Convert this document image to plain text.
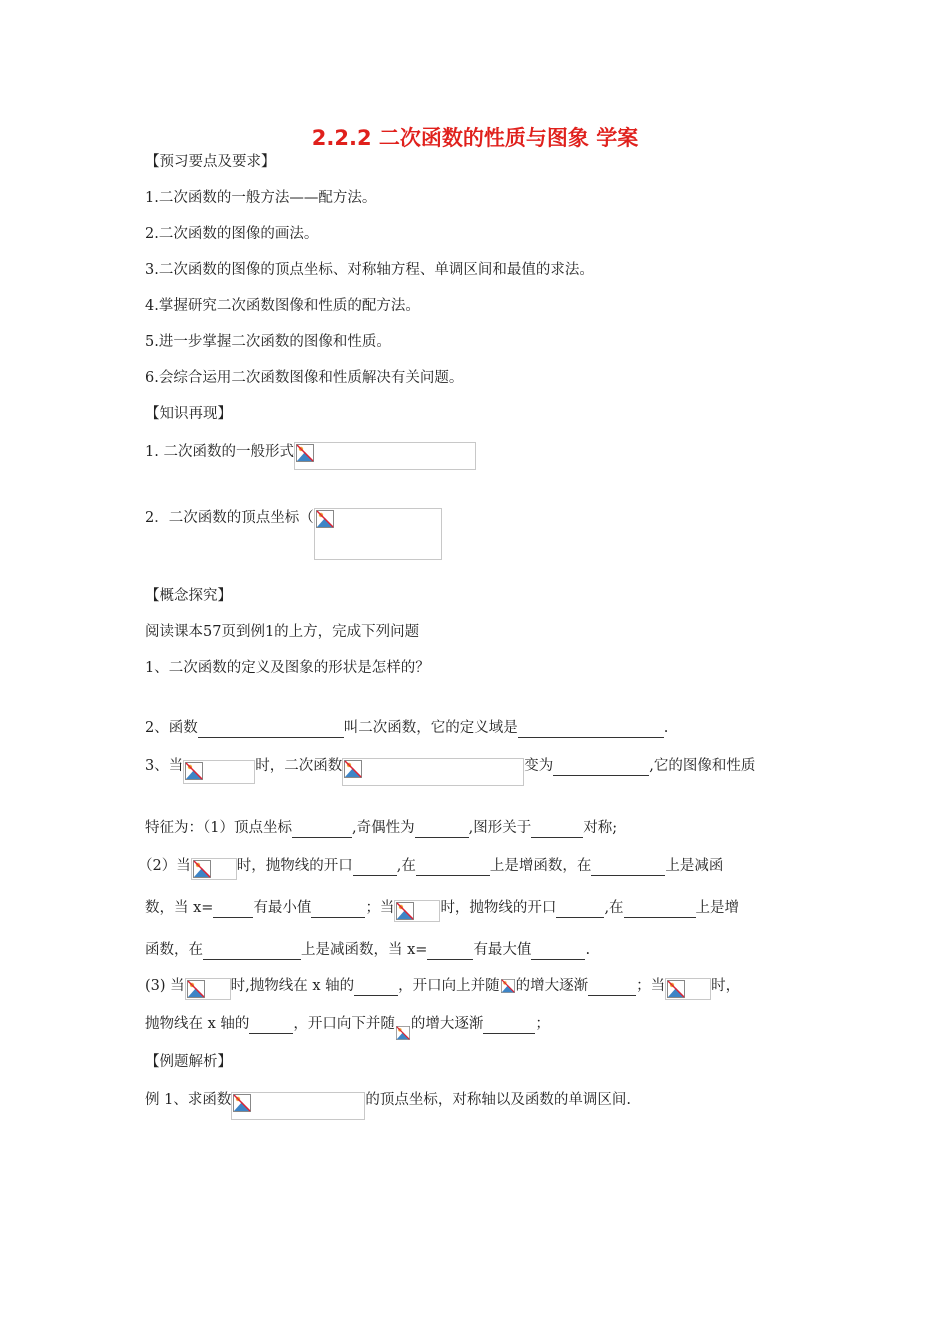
2.2.2 二次函数的性质与图象 学案
【预习要点及要求】
1.二次函数的一般方法——配方法。
2.二次函数的图像的画法。
3.二次函数的图像的顶点坐标、对称轴方程、单调区间和最值的求法。
4.掌握研究二次函数图像和性质的配方法。
5.进一步掌握二次函数的图像和性质。
6.会综合运用二次函数图像和性质解决有关问题。
【知识再现】
1. 二次函数的一般形式
2．二次函数的顶点坐标（
【概念探究】
阅读课本57页到例1的上方，完成下列问题
1、二次函数的定义及图象的形状是怎样的？
2、函数	叫二次函数，它的定义域是	.
3、当	时，二次函数	变为	,它的图像和性质
特征为：（1）顶点坐标	,奇偶性为	,图形关于	对称;
（2）当	时，抛物线的开口	,在	上是增函数，在	上是减函
数，当 x=	有最小值	；当	时，抛物线的开口	,在	上是增
函数，在	上是减函数，当 x=	有最大值	.
(3) 当	时,抛物线在 x 轴的	，开口向上并随 的增大逐渐	；当	时，
抛物线在 x 轴的	，开口向下并随 的增大逐渐	；
【例题解析】
例 1、求函数	的顶点坐标，对称轴以及函数的单调区间.
